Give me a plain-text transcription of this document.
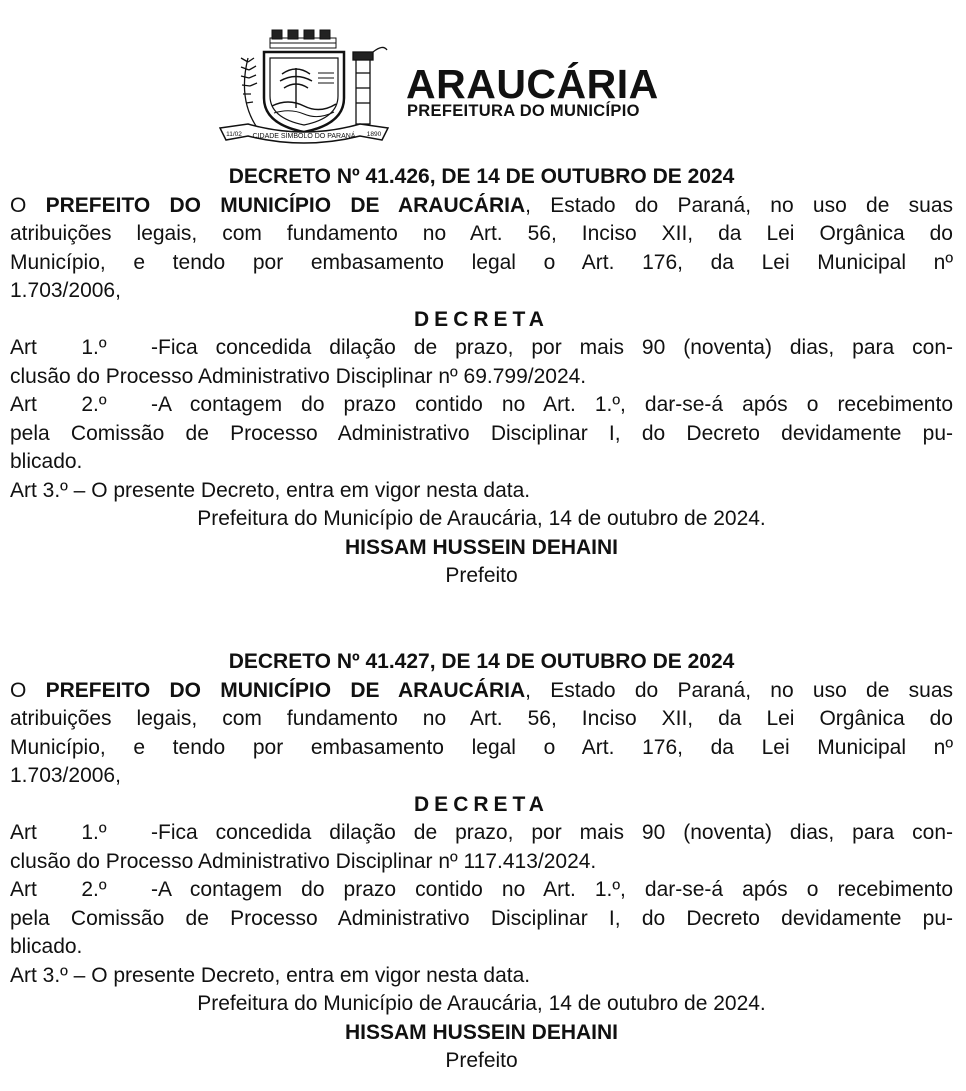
CIDADE SÍMBOLO DO PARANÁ
11/02	1890
ARAUCÁRIA
PREFEITURA DO MUNICÍPIO

DECRETO Nº 41.426, DE 14 DE OUTUBRO DE 2024

O PREFEITO DO MUNICÍPIO DE ARAUCÁRIA, Estado do Paraná, no uso de suas

atribuições legais, com fundamento no Art. 56, Inciso XII, da Lei Orgânica do

Município, e tendo por embasamento legal o Art. 176, da Lei Municipal nº

1.703/2006,

DECRETA

Art 1.º -Fica concedida dilação de prazo, por mais 90 (noventa) dias, para con-

clusão do Processo Administrativo Disciplinar nº 69.799/2024.

Art 2.º -A contagem do prazo contido no Art. 1.º, dar-se-á após o recebimento

pela Comissão de Processo Administrativo Disciplinar I, do Decreto devidamente pu-

blicado.

Art 3.º – O presente Decreto, entra em vigor nesta data.

Prefeitura do Município de Araucária, 14 de outubro de 2024.

HISSAM HUSSEIN DEHAINI

Prefeito

DECRETO Nº 41.427, DE 14 DE OUTUBRO DE 2024

O PREFEITO DO MUNICÍPIO DE ARAUCÁRIA, Estado do Paraná, no uso de suas

atribuições legais, com fundamento no Art. 56, Inciso XII, da Lei Orgânica do

Município, e tendo por embasamento legal o Art. 176, da Lei Municipal nº

1.703/2006,

DECRETA

Art 1.º -Fica concedida dilação de prazo, por mais 90 (noventa) dias, para con-

clusão do Processo Administrativo Disciplinar nº 117.413/2024.

Art 2.º -A contagem do prazo contido no Art. 1.º, dar-se-á após o recebimento

pela Comissão de Processo Administrativo Disciplinar I, do Decreto devidamente pu-

blicado.

Art 3.º – O presente Decreto, entra em vigor nesta data.

Prefeitura do Município de Araucária, 14 de outubro de 2024.

HISSAM HUSSEIN DEHAINI

Prefeito
